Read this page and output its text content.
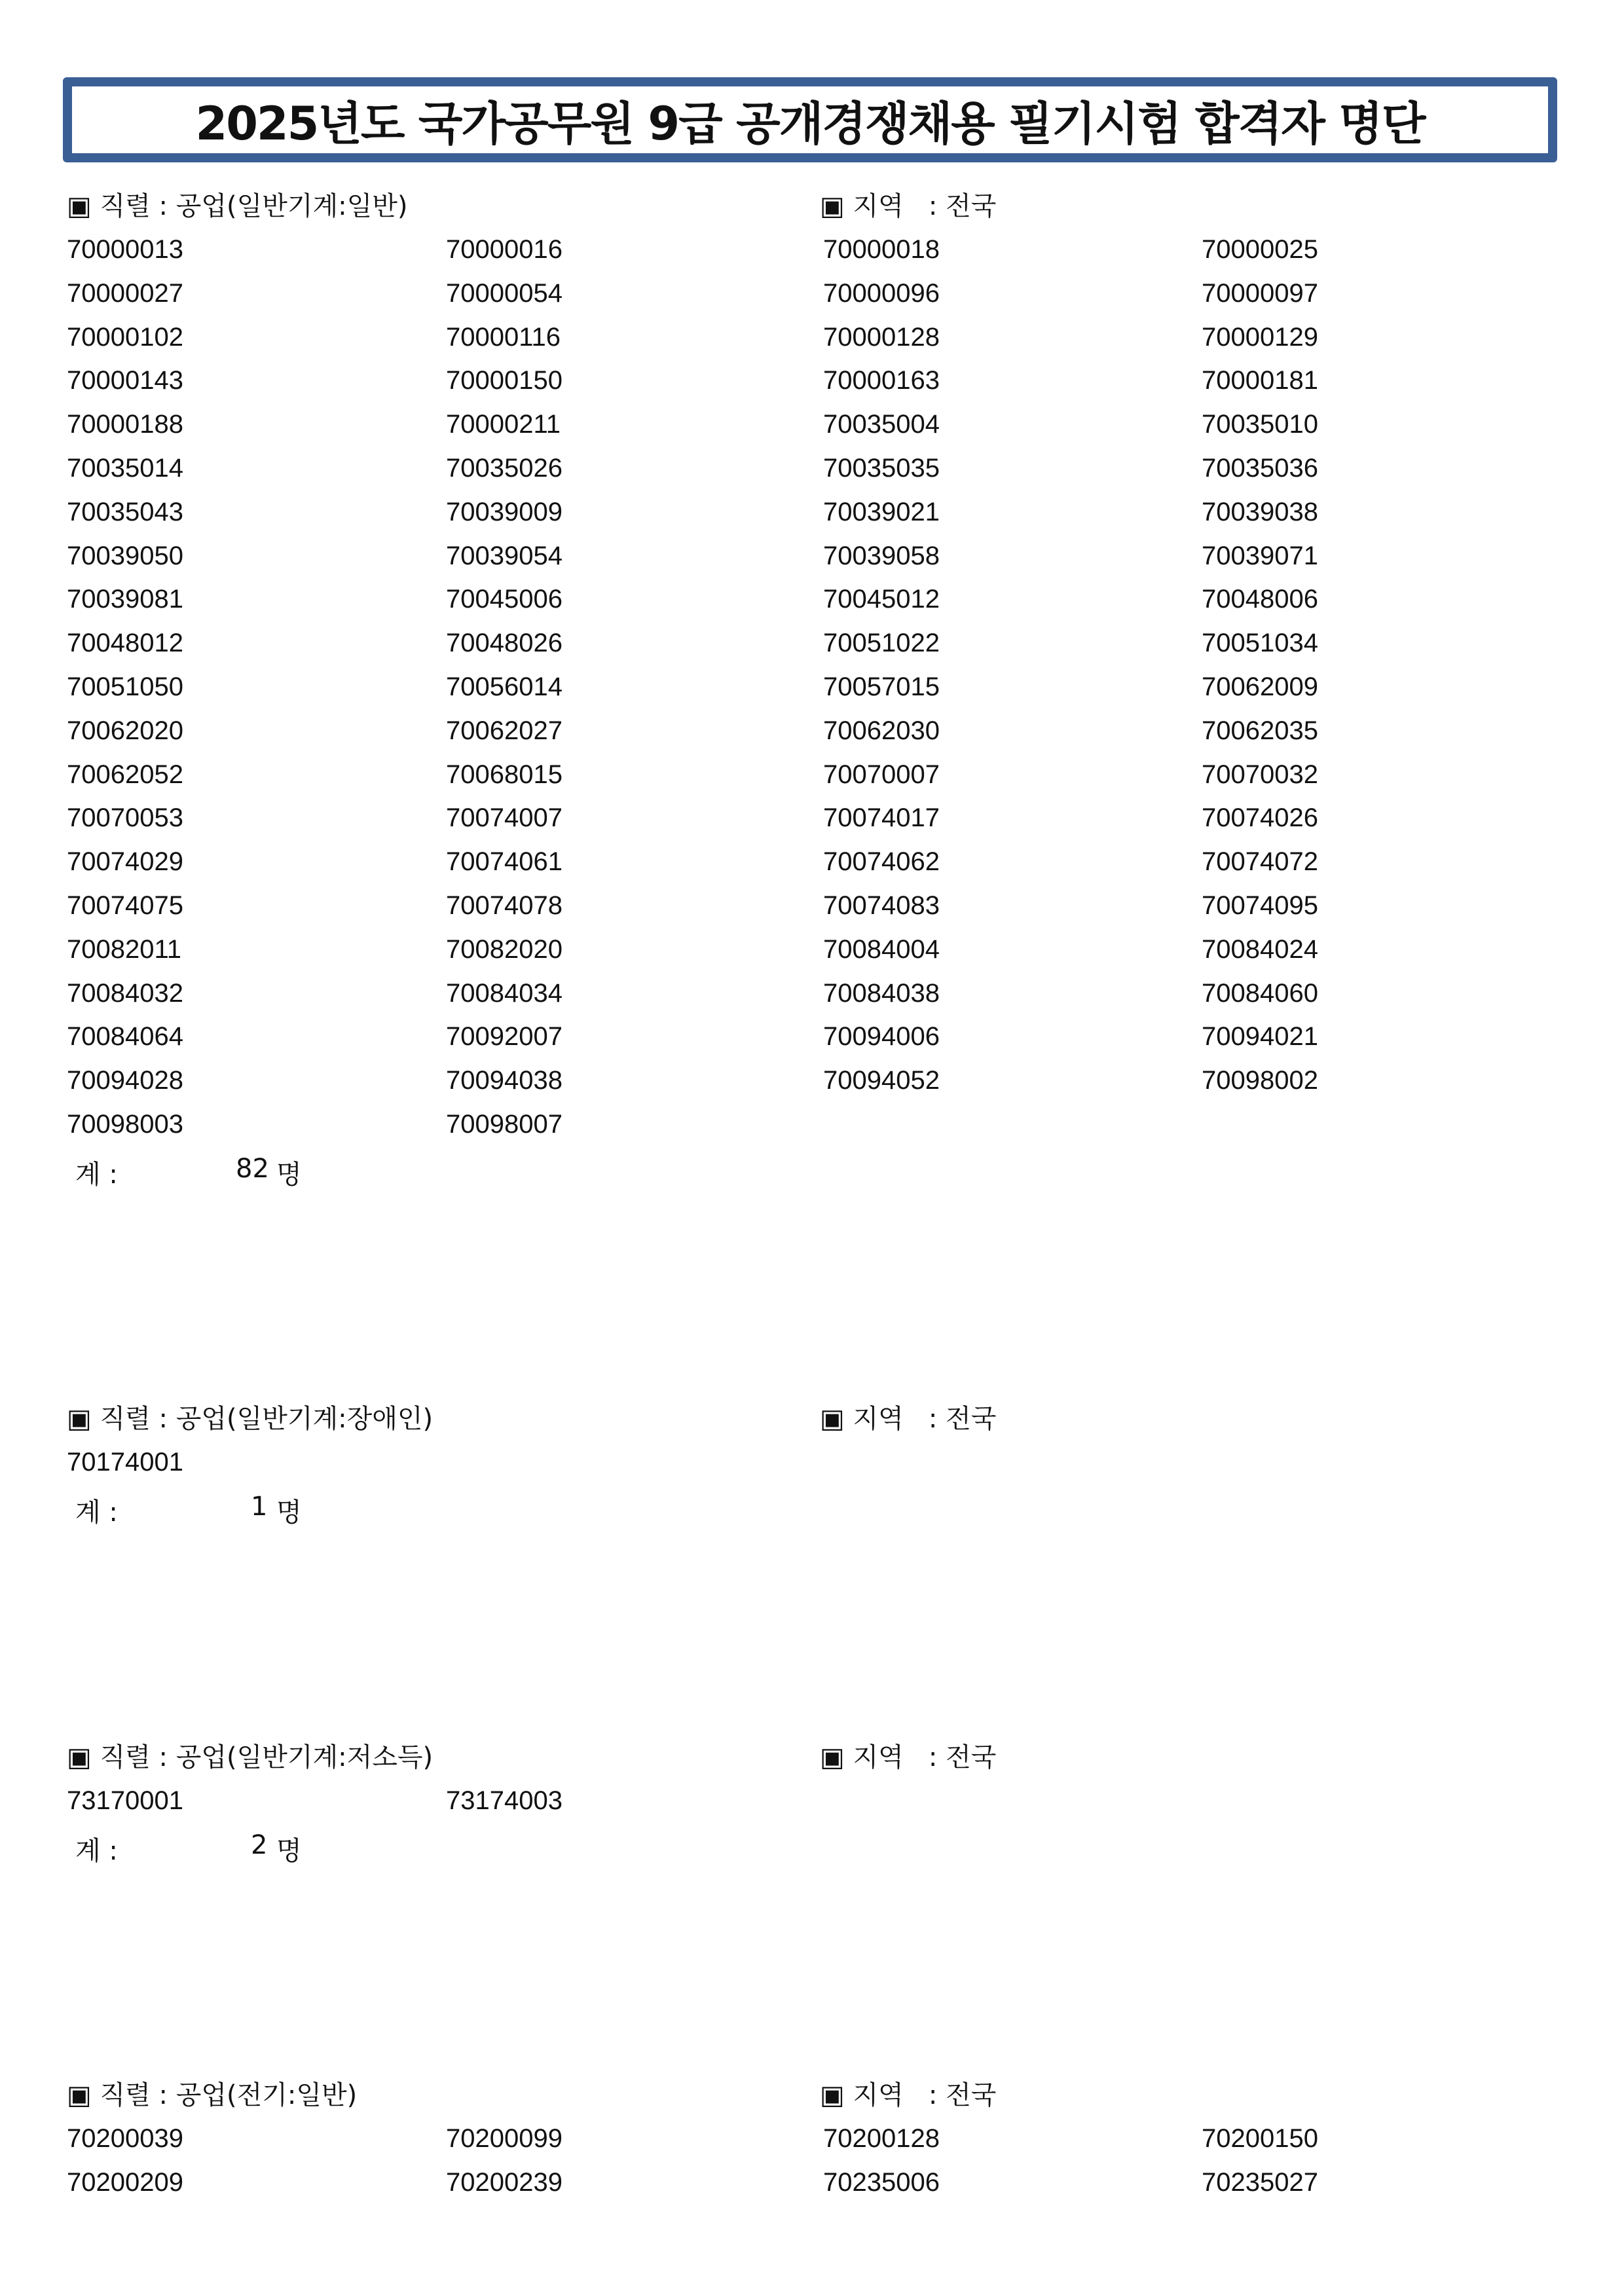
2025년도 국가공무원 9급 공개경쟁채용 필기시험 합격자 명단
▣ 직렬 : 공업(일반기계:일반)	▣ 지역   : 전국
70000013	70000016	70000018	70000025
70000027	70000054	70000096	70000097
70000102	70000116	70000128	70000129
70000143	70000150	70000163	70000181
70000188	70000211	70035004	70035010
70035014	70035026	70035035	70035036
70035043	70039009	70039021	70039038
70039050	70039054	70039058	70039071
70039081	70045006	70045012	70048006
70048012	70048026	70051022	70051034
70051050	70056014	70057015	70062009
70062020	70062027	70062030	70062035
70062052	70068015	70070007	70070032
70070053	70074007	70074017	70074026
70074029	70074061	70074062	70074072
70074075	70074078	70074083	70074095
70082011	70082020	70084004	70084024
70084032	70084034	70084038	70084060
70084064	70092007	70094006	70094021
70094028	70094038	70094052	70098002
70098003	70098007
계 :	82 명
▣ 직렬 : 공업(일반기계:장애인)	▣ 지역   : 전국
70174001
계 :	1 명
▣ 직렬 : 공업(일반기계:저소득)	▣ 지역   : 전국
73170001	73174003
계 :	2 명
▣ 직렬 : 공업(전기:일반)	▣ 지역   : 전국
70200039	70200099	70200128	70200150
70200209	70200239	70235006	70235027
